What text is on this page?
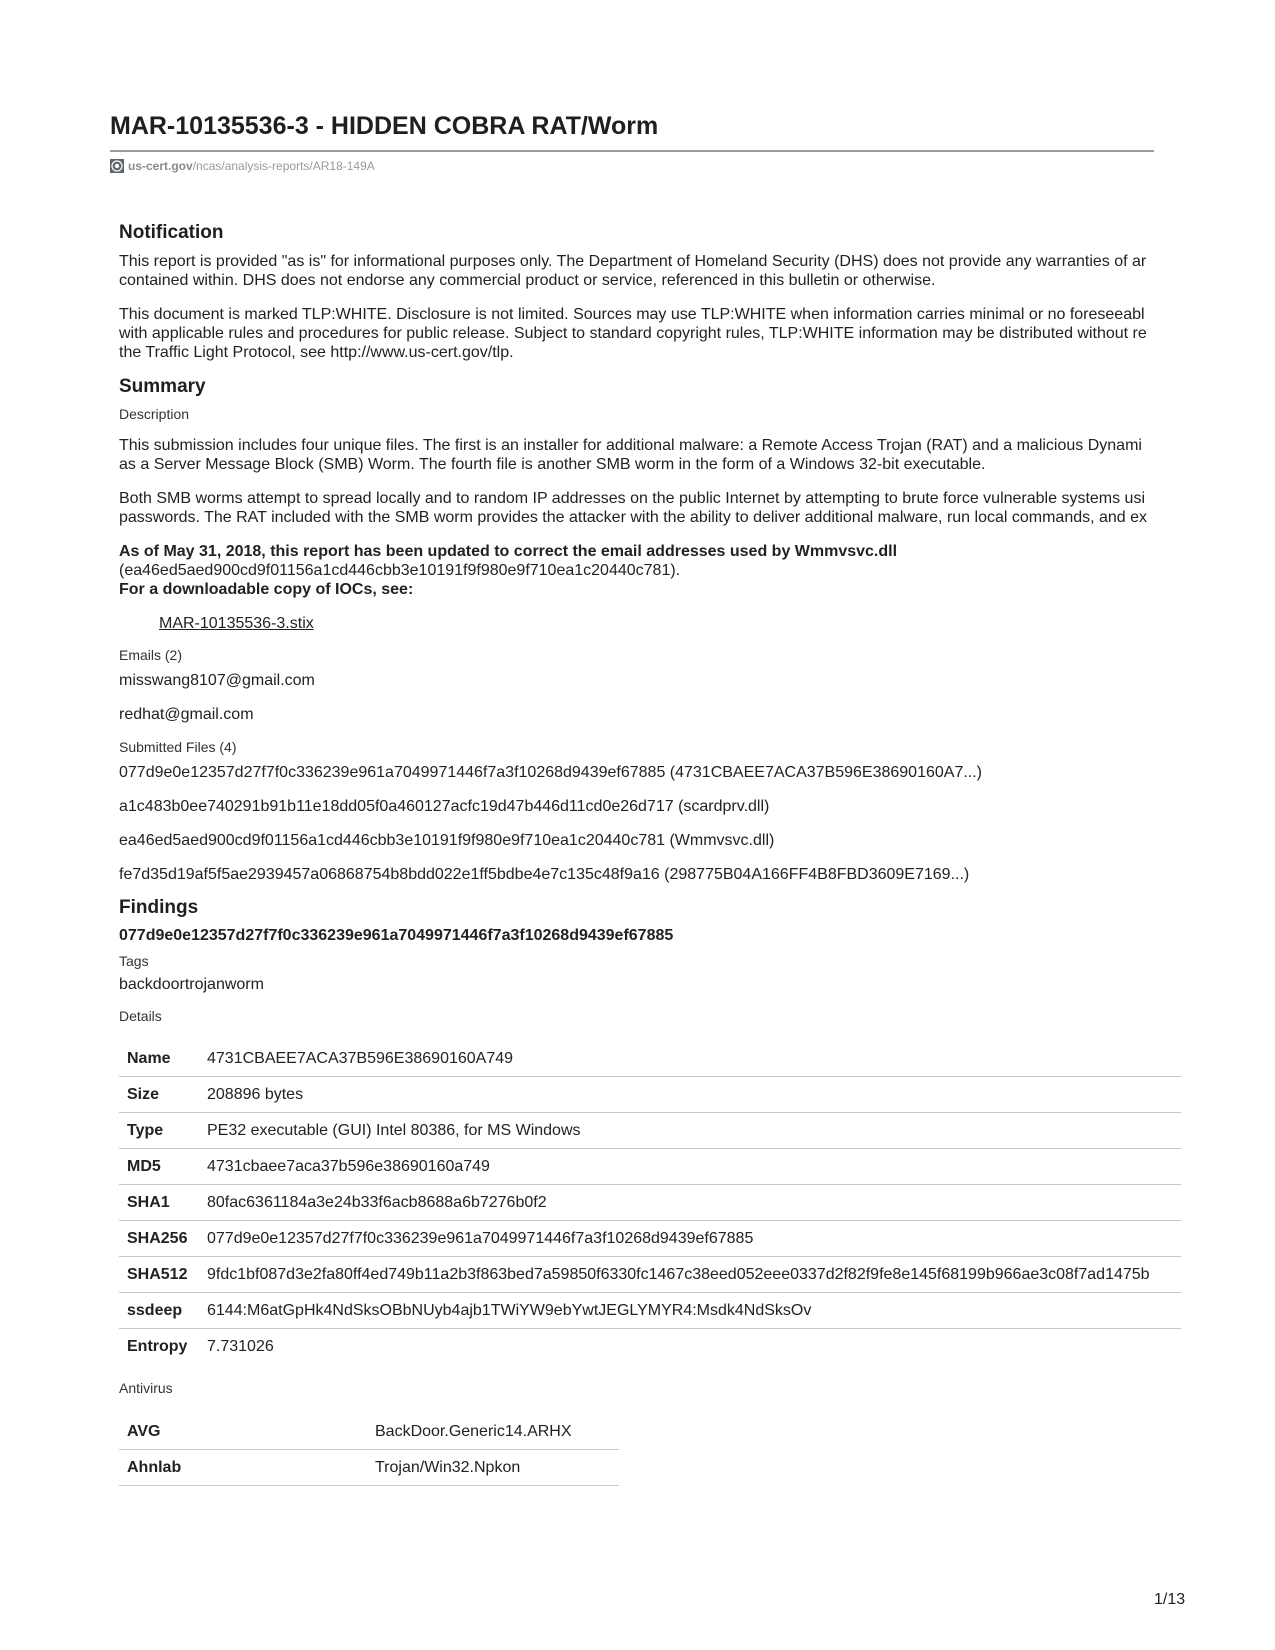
MAR-10135536-3 - HIDDEN COBRA RAT/Worm
us-cert.gov /ncas/analysis-reports/AR18-149A
Notification

This report is provided "as is" for informational purposes only. The Department of Homeland Security (DHS) does not provide any warranties of ar

contained within. DHS does not endorse any commercial product or service, referenced in this bulletin or otherwise.

This document is marked TLP:WHITE. Disclosure is not limited. Sources may use TLP:WHITE when information carries minimal or no foreseeabl

with applicable rules and procedures for public release. Subject to standard copyright rules, TLP:WHITE information may be distributed without re

the Traffic Light Protocol, see http://www.us-cert.gov/tlp.

Summary

Description

This submission includes four unique files. The first is an installer for additional malware: a Remote Access Trojan (RAT) and a malicious Dynami

as a Server Message Block (SMB) Worm. The fourth file is another SMB worm in the form of a Windows 32-bit executable.

Both SMB worms attempt to spread locally and to random IP addresses on the public Internet by attempting to brute force vulnerable systems usi

passwords. The RAT included with the SMB worm provides the attacker with the ability to deliver additional malware, run local commands, and ex

As of May 31, 2018, this report has been updated to correct the email addresses used by Wmmvsvc.dll

(ea46ed5aed900cd9f01156a1cd446cbb3e10191f9f980e9f710ea1c20440c781).

For a downloadable copy of IOCs, see:

MAR-10135536-3.stix

Emails (2)

misswang8107@gmail.com

redhat@gmail.com

Submitted Files (4)

077d9e0e12357d27f7f0c336239e961a7049971446f7a3f10268d9439ef67885 (4731CBAEE7ACA37B596E38690160A7...)

a1c483b0ee740291b91b11e18dd05f0a460127acfc19d47b446d11cd0e26d717 (scardprv.dll)

ea46ed5aed900cd9f01156a1cd446cbb3e10191f9f980e9f710ea1c20440c781 (Wmmvsvc.dll)

fe7d35d19af5f5ae2939457a06868754b8bdd022e1ff5bdbe4e7c135c48f9a16 (298775B04A166FF4B8FBD3609E7169...)

Findings

077d9e0e12357d27f7f0c336239e961a7049971446f7a3f10268d9439ef67885

Tags

backdoortrojanworm

Details

Name	4731CBAEE7ACA37B596E38690160A749
Size	208896 bytes
Type	PE32 executable (GUI) Intel 80386, for MS Windows
MD5	4731cbaee7aca37b596e38690160a749
SHA1	80fac6361184a3e24b33f6acb8688a6b7276b0f2
SHA256	077d9e0e12357d27f7f0c336239e961a7049971446f7a3f10268d9439ef67885
SHA512	9fdc1bf087d3e2fa80ff4ed749b11a2b3f863bed7a59850f6330fc1467c38eed052eee0337d2f82f9fe8e145f68199b966ae3c08f7ad1475b
ssdeep	6144:M6atGpHk4NdSksOBbNUyb4ajb1TWiYW9ebYwtJEGLYMYR4:Msdk4NdSksOv
Entropy	7.731026

Antivirus

AVG	BackDoor.Generic14.ARHX
Ahnlab	Trojan/Win32.Npkon
1/13
